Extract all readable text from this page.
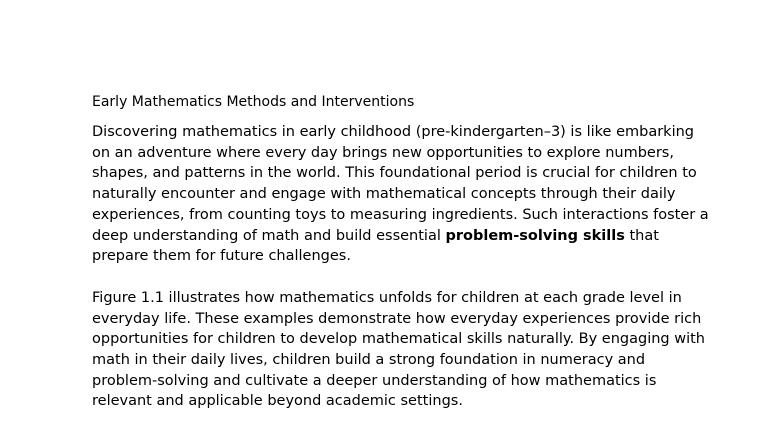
Early Mathematics Methods and Interventions

Discovering mathematics in early childhood (pre-kindergarten–3) is like embarking on an adventure where every day brings new opportunities to explore numbers, shapes, and patterns in the world. This foundational period is crucial for children to naturally encounter and engage with mathematical concepts through their daily experiences, from counting toys to measuring ingredients. Such interactions foster a deep understanding of math and build essential problem-solving skills that prepare them for future challenges.

Figure 1.1 illustrates how mathematics unfolds for children at each grade level in everyday life. These examples demonstrate how everyday experiences provide rich opportunities for children to develop mathematical skills naturally. By engaging with math in their daily lives, children build a strong foundation in numeracy and problem-solving and cultivate a deeper understanding of how mathematics is relevant and applicable beyond academic settings.
